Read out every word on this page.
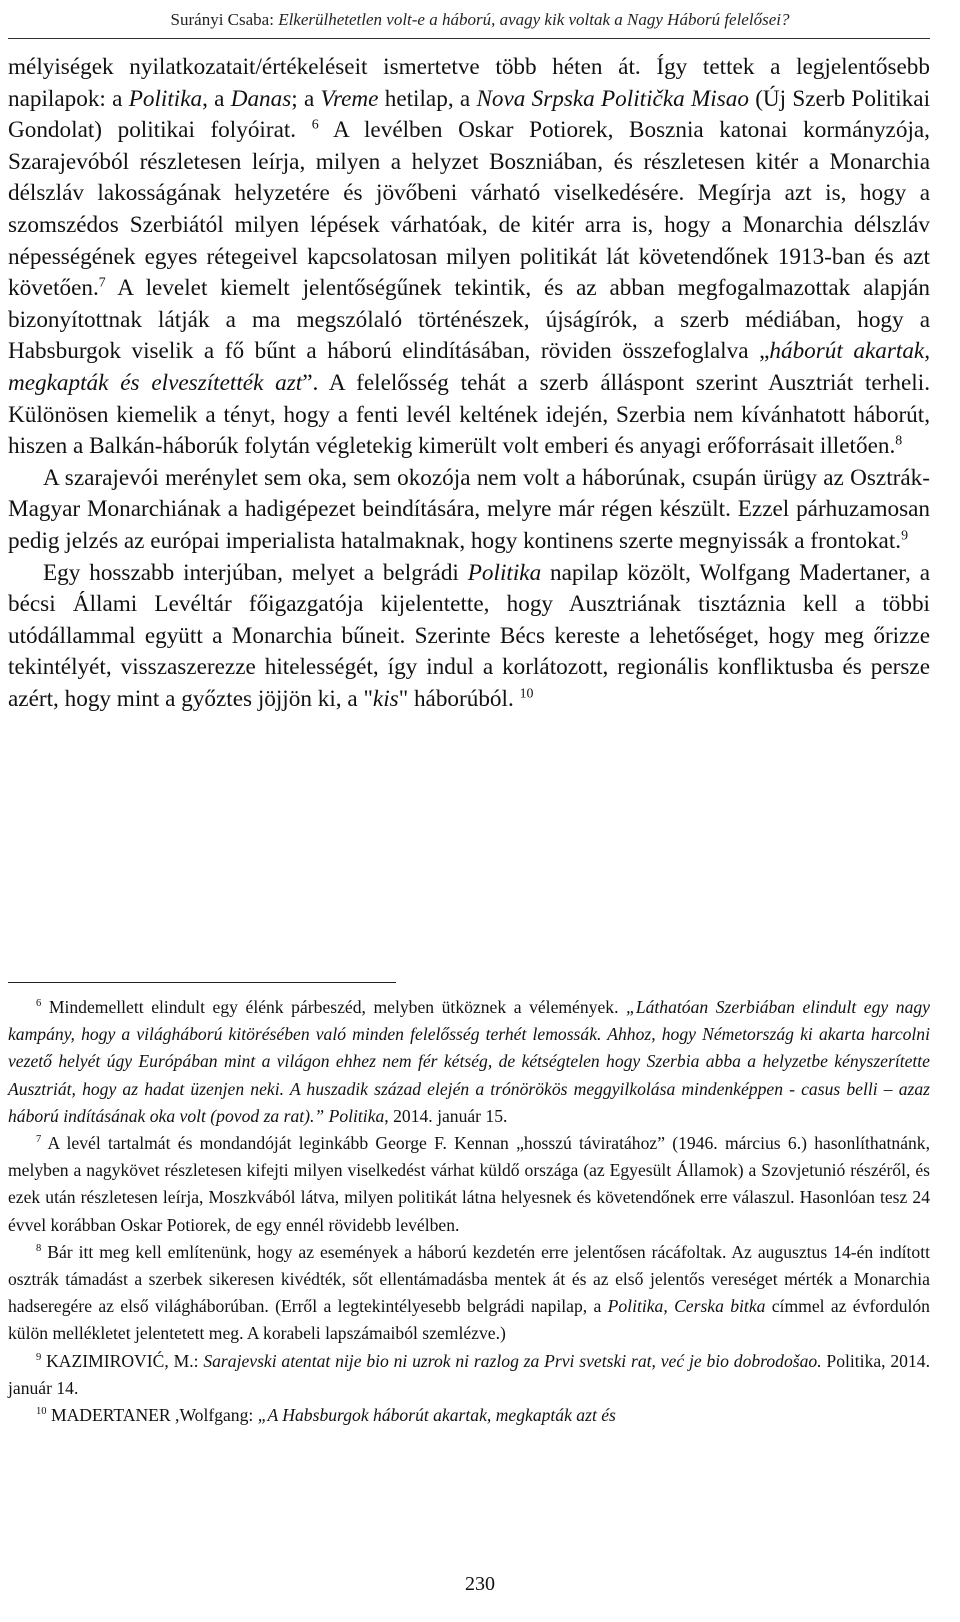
Surányi Csaba: Elkerülhetetlen volt-e a háború, avagy kik voltak a Nagy Háború felelősei?

mélyiségek nyilatkozatait/értékeléseit ismertetve több héten át. Így tettek a legjelentősebb napilapok: a Politika, a Danas; a Vreme hetilap, a Nova Srpska Politička Misao (Új Szerb Politikai Gondolat) politikai folyóirat. $^6$ A levélben Oskar Potiorek, Bosznia katonai kormányzója, Szarajevóból részletesen leírja, milyen a helyzet Boszniában, és részletesen kitér a Monarchia délszláv lakosságának helyzetére és jövőbeni várható viselkedésére. Megírja azt is, hogy a szomszédos Szerbiától milyen lépések várhatóak, de kitér arra is, hogy a Monarchia délszláv népességének egyes rétegeivel kapcsolatosan milyen politikát lát követendőnek 1913-ban és azt követően.$^7$ A levelet kiemelt jelentőségűnek tekintik, és az abban megfogalmazottak alapján bizonyítottnak látják a ma megszólaló történészek, újságírók, a szerb médiában, hogy a Habsburgok viselik a fő bűnt a háború elindításában, röviden összefoglalva „háborút akartak, megkapták és elveszítették azt”. A felelősség tehát a szerb álláspont szerint Ausztriát terheli. Különösen kiemelik a tényt, hogy a fenti levél keltének idején, Szerbia nem kívánhatott háborút, hiszen a Balkán-háborúk folytán végletekig kimerült volt emberi és anyagi erőforrásait illetően.$^8$

A szarajevói merénylet sem oka, sem okozója nem volt a háborúnak, csupán ürügy az Osztrák-Magyar Monarchiának a hadigépezet beindítására, melyre már régen készült. Ezzel párhuzamosan pedig jelzés az európai imperialista hatalmaknak, hogy kontinens szerte megnyissák a frontokat.$^9$

Egy hosszabb interjúban, melyet a belgrádi Politika napilap közölt, Wolfgang Madertaner, a bécsi Állami Levéltár főigazgatója kijelentette, hogy Ausztriának tisztáznia kell a többi utódállammal együtt a Monarchia bűneit. Szerinte Bécs kereste a lehetőséget, hogy meg őrizze tekintélyét, visszaszerezze hitelességét, így indul a korlátozott, regionális konfliktusba és persze azért, hogy mint a győztes jöjjön ki, a "kis" háborúból. $^{10}$

$^6$ Mindemellett elindult egy élénk párbeszéd, melyben ütköznek a vélemények. „Láthatóan Szerbiában elindult egy nagy kampány, hogy a világháború kitörésében való minden felelősség terhét lemossák. Ahhoz, hogy Németország ki akarta harcolni vezető helyét úgy Európában mint a világon ehhez nem fér kétség, de kétségtelen hogy Szerbia abba a helyzetbe kényszerítette Ausztriát, hogy az hadat üzenjen neki. A huszadik század elején a trónörökös meggyilkolása mindenképpen - casus belli – azaz háború indításának oka volt (povod za rat).” Politika, 2014. január 15.

$^7$ A levél tartalmát és mondandóját leginkább George F. Kennan „hosszú táviratához” (1946. március 6.) hasonlíthatnánk, melyben a nagykövet részletesen kifejti milyen viselkedést várhat küldő országa (az Egyesült Államok) a Szovjetunió részéről, és ezek után részletesen leírja, Moszkvából látva, milyen politikát látna helyesnek és követendőnek erre válaszul. Hasonlóan tesz 24 évvel korábban Oskar Potiorek, de egy ennél rövidebb levélben.

$^8$ Bár itt meg kell említenünk, hogy az események a háború kezdetén erre jelentősen rácáfoltak. Az augusztus 14-én indított osztrák támadást a szerbek sikeresen kivédték, sőt ellentámadásba mentek át és az első jelentős vereséget mérték a Monarchia hadseregére az első világháborúban. (Erről a legtekintélyesebb belgrádi napilap, a Politika, Cerska bitka címmel az évfordulón külön mellékletet jelentetett meg. A korabeli lapszámaiból szemlézve.)

$^9$ KAZIMIROVIĆ, M.: Sarajevski atentat nije bio ni uzrok ni razlog za Prvi svetski rat, već je bio dobrodošao. Politika, 2014. január 14.

$^{10}$ MADERTANER ,Wolfgang: „A Habsburgok háborút akartak, megkapták azt és

230
